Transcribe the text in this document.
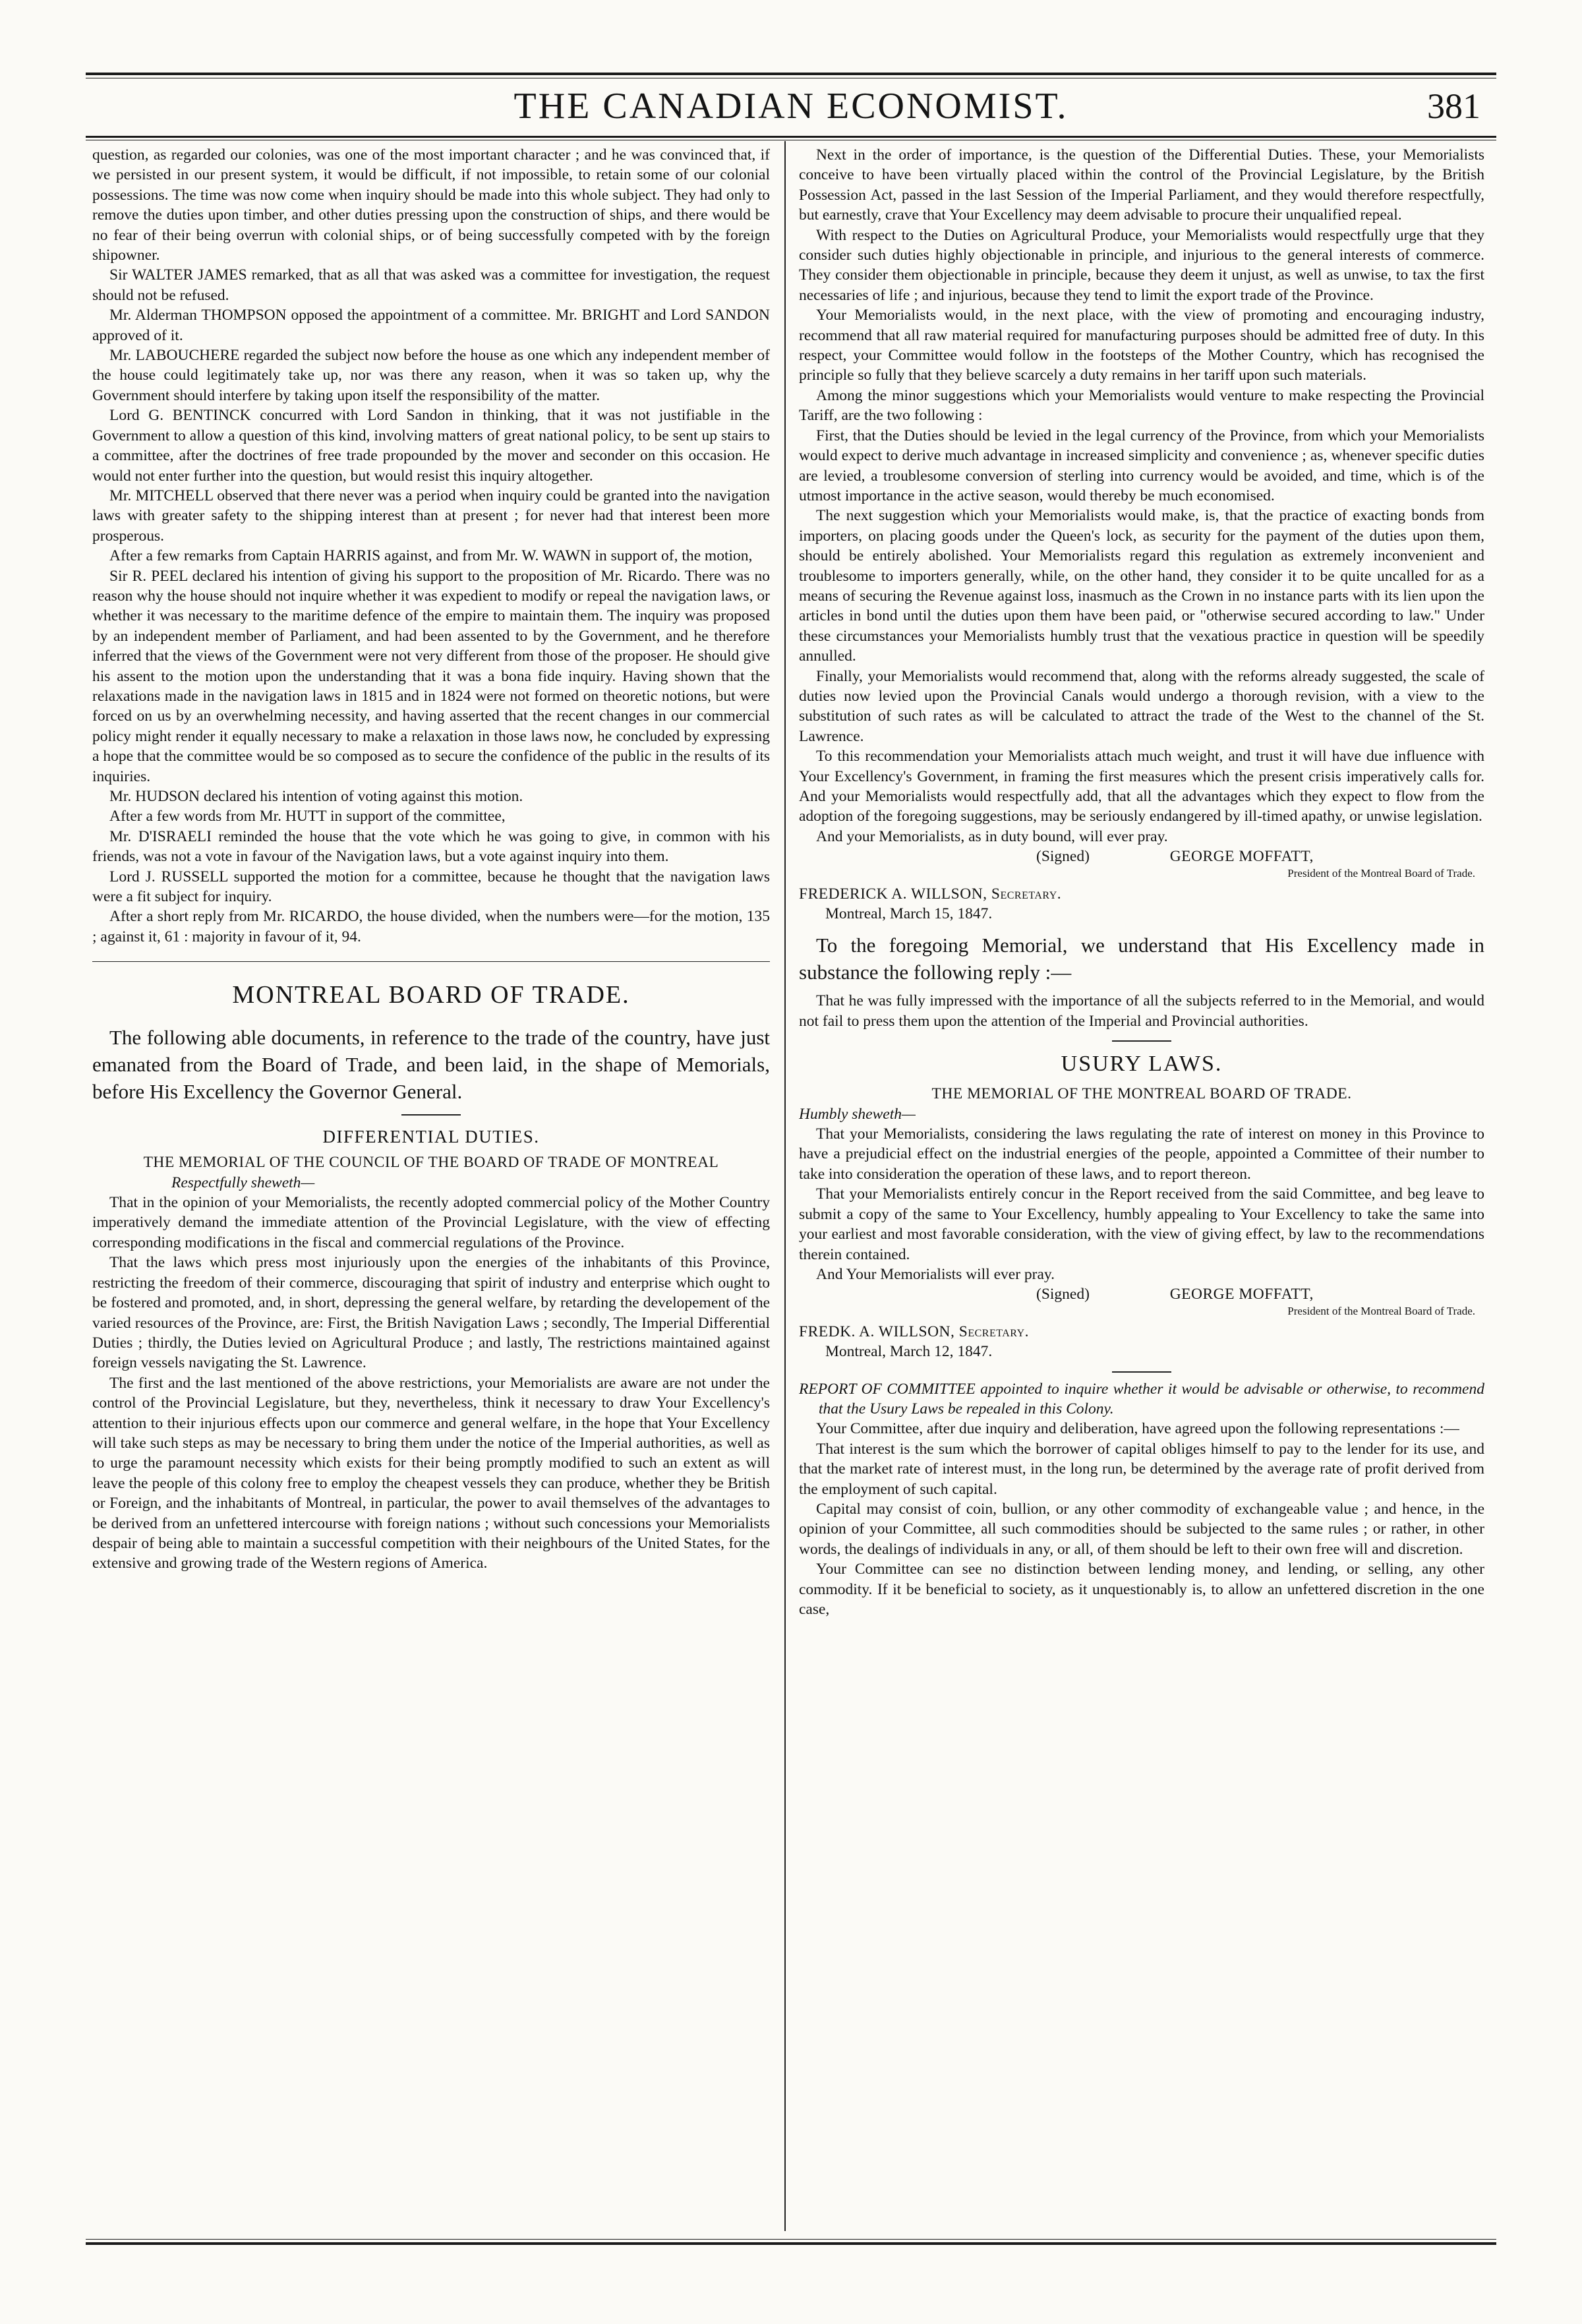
THE CANADIAN ECONOMIST.	381

question, as regarded our colonies, was one of the most important character ; and he was convinced that, if we persisted in our present system, it would be difficult, if not impossible, to retain some of our colonial possessions. The time was now come when inquiry should be made into this whole subject. They had only to remove the duties upon timber, and other duties pressing upon the construction of ships, and there would be no fear of their being overrun with colonial ships, or of being successfully competed with by the foreign shipowner.

Sir WALTER JAMES remarked, that as all that was asked was a committee for investigation, the request should not be refused.

Mr. Alderman THOMPSON opposed the appointment of a committee. Mr. BRIGHT and Lord SANDON approved of it.

Mr. LABOUCHERE regarded the subject now before the house as one which any independent member of the house could legitimately take up, nor was there any reason, when it was so taken up, why the Government should interfere by taking upon itself the responsibility of the matter.

Lord G. BENTINCK concurred with Lord Sandon in thinking, that it was not justifiable in the Government to allow a question of this kind, involving matters of great national policy, to be sent up stairs to a committee, after the doctrines of free trade propounded by the mover and seconder on this occasion. He would not enter further into the question, but would resist this inquiry altogether.

Mr. MITCHELL observed that there never was a period when inquiry could be granted into the navigation laws with greater safety to the shipping interest than at present ; for never had that interest been more prosperous.

After a few remarks from Captain HARRIS against, and from Mr. W. WAWN in support of, the motion,

Sir R. PEEL declared his intention of giving his support to the proposition of Mr. Ricardo. There was no reason why the house should not inquire whether it was expedient to modify or repeal the navigation laws, or whether it was necessary to the maritime defence of the empire to maintain them. The inquiry was proposed by an independent member of Parliament, and had been assented to by the Government, and he therefore inferred that the views of the Government were not very different from those of the proposer. He should give his assent to the motion upon the understanding that it was a bona fide inquiry. Having shown that the relaxations made in the navigation laws in 1815 and in 1824 were not formed on theoretic notions, but were forced on us by an overwhelming necessity, and having asserted that the recent changes in our commercial policy might render it equally necessary to make a relaxation in those laws now, he concluded by expressing a hope that the committee would be so composed as to secure the confidence of the public in the results of its inquiries.

Mr. HUDSON declared his intention of voting against this motion.

After a few words from Mr. HUTT in support of the committee,

Mr. D'ISRAELI reminded the house that the vote which he was going to give, in common with his friends, was not a vote in favour of the Navigation laws, but a vote against inquiry into them.

Lord J. RUSSELL supported the motion for a committee, because he thought that the navigation laws were a fit subject for inquiry.

After a short reply from Mr. RICARDO, the house divided, when the numbers were—for the motion, 135 ; against it, 61 : majority in favour of it, 94.

MONTREAL BOARD OF TRADE.

The following able documents, in reference to the trade of the country, have just emanated from the Board of Trade, and been laid, in the shape of Memorials, before His Excellency the Governor General.

DIFFERENTIAL DUTIES.

THE MEMORIAL OF THE COUNCIL OF THE BOARD OF TRADE OF MONTREAL

Respectfully sheweth—

That in the opinion of your Memorialists, the recently adopted commercial policy of the Mother Country imperatively demand the immediate attention of the Provincial Legislature, with the view of effecting corresponding modifications in the fiscal and commercial regulations of the Province.

That the laws which press most injuriously upon the energies of the inhabitants of this Province, restricting the freedom of their commerce, discouraging that spirit of industry and enterprise which ought to be fostered and promoted, and, in short, depressing the general welfare, by retarding the developement of the varied resources of the Province, are: First, the British Navigation Laws ; secondly, The Imperial Differential Duties ; thirdly, the Duties levied on Agricultural Produce ; and lastly, The restrictions maintained against foreign vessels navigating the St. Lawrence.

The first and the last mentioned of the above restrictions, your Memorialists are aware are not under the control of the Provincial Legislature, but they, nevertheless, think it necessary to draw Your Excellency's attention to their injurious effects upon our commerce and general welfare, in the hope that Your Excellency will take such steps as may be necessary to bring them under the notice of the Imperial authorities, as well as to urge the paramount necessity which exists for their being promptly modified to such an extent as will leave the people of this colony free to employ the cheapest vessels they can produce, whether they be British or Foreign, and the inhabitants of Montreal, in particular, the power to avail themselves of the advantages to be derived from an unfettered intercourse with foreign nations ; without such concessions your Memorialists despair of being able to maintain a successful competition with their neighbours of the United States, for the extensive and growing trade of the Western regions of America.

Next in the order of importance, is the question of the Differential Duties. These, your Memorialists conceive to have been virtually placed within the control of the Provincial Legislature, by the British Possession Act, passed in the last Session of the Imperial Parliament, and they would therefore respectfully, but earnestly, crave that Your Excellency may deem advisable to procure their unqualified repeal.

With respect to the Duties on Agricultural Produce, your Memorialists would respectfully urge that they consider such duties highly objectionable in principle, and injurious to the general interests of commerce. They consider them objectionable in principle, because they deem it unjust, as well as unwise, to tax the first necessaries of life ; and injurious, because they tend to limit the export trade of the Province.

Your Memorialists would, in the next place, with the view of promoting and encouraging industry, recommend that all raw material required for manufacturing purposes should be admitted free of duty. In this respect, your Committee would follow in the footsteps of the Mother Country, which has recognised the principle so fully that they believe scarcely a duty remains in her tariff upon such materials.

Among the minor suggestions which your Memorialists would venture to make respecting the Provincial Tariff, are the two following :

First, that the Duties should be levied in the legal currency of the Province, from which your Memorialists would expect to derive much advantage in increased simplicity and convenience ; as, whenever specific duties are levied, a troublesome conversion of sterling into currency would be avoided, and time, which is of the utmost importance in the active season, would thereby be much economised.

The next suggestion which your Memorialists would make, is, that the practice of exacting bonds from importers, on placing goods under the Queen's lock, as security for the payment of the duties upon them, should be entirely abolished. Your Memorialists regard this regulation as extremely inconvenient and troublesome to importers generally, while, on the other hand, they consider it to be quite uncalled for as a means of securing the Revenue against loss, inasmuch as the Crown in no instance parts with its lien upon the articles in bond until the duties upon them have been paid, or "otherwise secured according to law." Under these circumstances your Memorialists humbly trust that the vexatious practice in question will be speedily annulled.

Finally, your Memorialists would recommend that, along with the reforms already suggested, the scale of duties now levied upon the Provincial Canals would undergo a thorough revision, with a view to the substitution of such rates as will be calculated to attract the trade of the West to the channel of the St. Lawrence.

To this recommendation your Memorialists attach much weight, and trust it will have due influence with Your Excellency's Government, in framing the first measures which the present crisis imperatively calls for. And your Memorialists would respectfully add, that all the advantages which they expect to flow from the adoption of the foregoing suggestions, may be seriously endangered by ill-timed apathy, or unwise legislation.

And your Memorialists, as in duty bound, will ever pray.

(Signed)	GEORGE MOFFATT,

President of the Montreal Board of Trade.

FREDERICK A. WILLSON, Secretary.

Montreal, March 15, 1847.

To the foregoing Memorial, we understand that His Excellency made in substance the following reply :—

That he was fully impressed with the importance of all the subjects referred to in the Memorial, and would not fail to press them upon the attention of the Imperial and Provincial authorities.

USURY LAWS.

THE MEMORIAL OF THE MONTREAL BOARD OF TRADE.

Humbly sheweth—

That your Memorialists, considering the laws regulating the rate of interest on money in this Province to have a prejudicial effect on the industrial energies of the people, appointed a Committee of their number to take into consideration the operation of these laws, and to report thereon.

That your Memorialists entirely concur in the Report received from the said Committee, and beg leave to submit a copy of the same to Your Excellency, humbly appealing to Your Excellency to take the same into your earliest and most favorable consideration, with the view of giving effect, by law to the recommendations therein contained.

And Your Memorialists will ever pray.

(Signed)	GEORGE MOFFATT,

President of the Montreal Board of Trade.

FREDK. A. WILLSON, Secretary.

Montreal, March 12, 1847.

REPORT OF COMMITTEE appointed to inquire whether it would be advisable or otherwise, to recommend that the Usury Laws be repealed in this Colony.

Your Committee, after due inquiry and deliberation, have agreed upon the following representations :—

That interest is the sum which the borrower of capital obliges himself to pay to the lender for its use, and that the market rate of interest must, in the long run, be determined by the average rate of profit derived from the employment of such capital.

Capital may consist of coin, bullion, or any other commodity of exchangeable value ; and hence, in the opinion of your Committee, all such commodities should be subjected to the same rules ; or rather, in other words, the dealings of individuals in any, or all, of them should be left to their own free will and discretion.

Your Committee can see no distinction between lending money, and lending, or selling, any other commodity. If it be beneficial to society, as it unquestionably is, to allow an unfettered discretion in the one case,
